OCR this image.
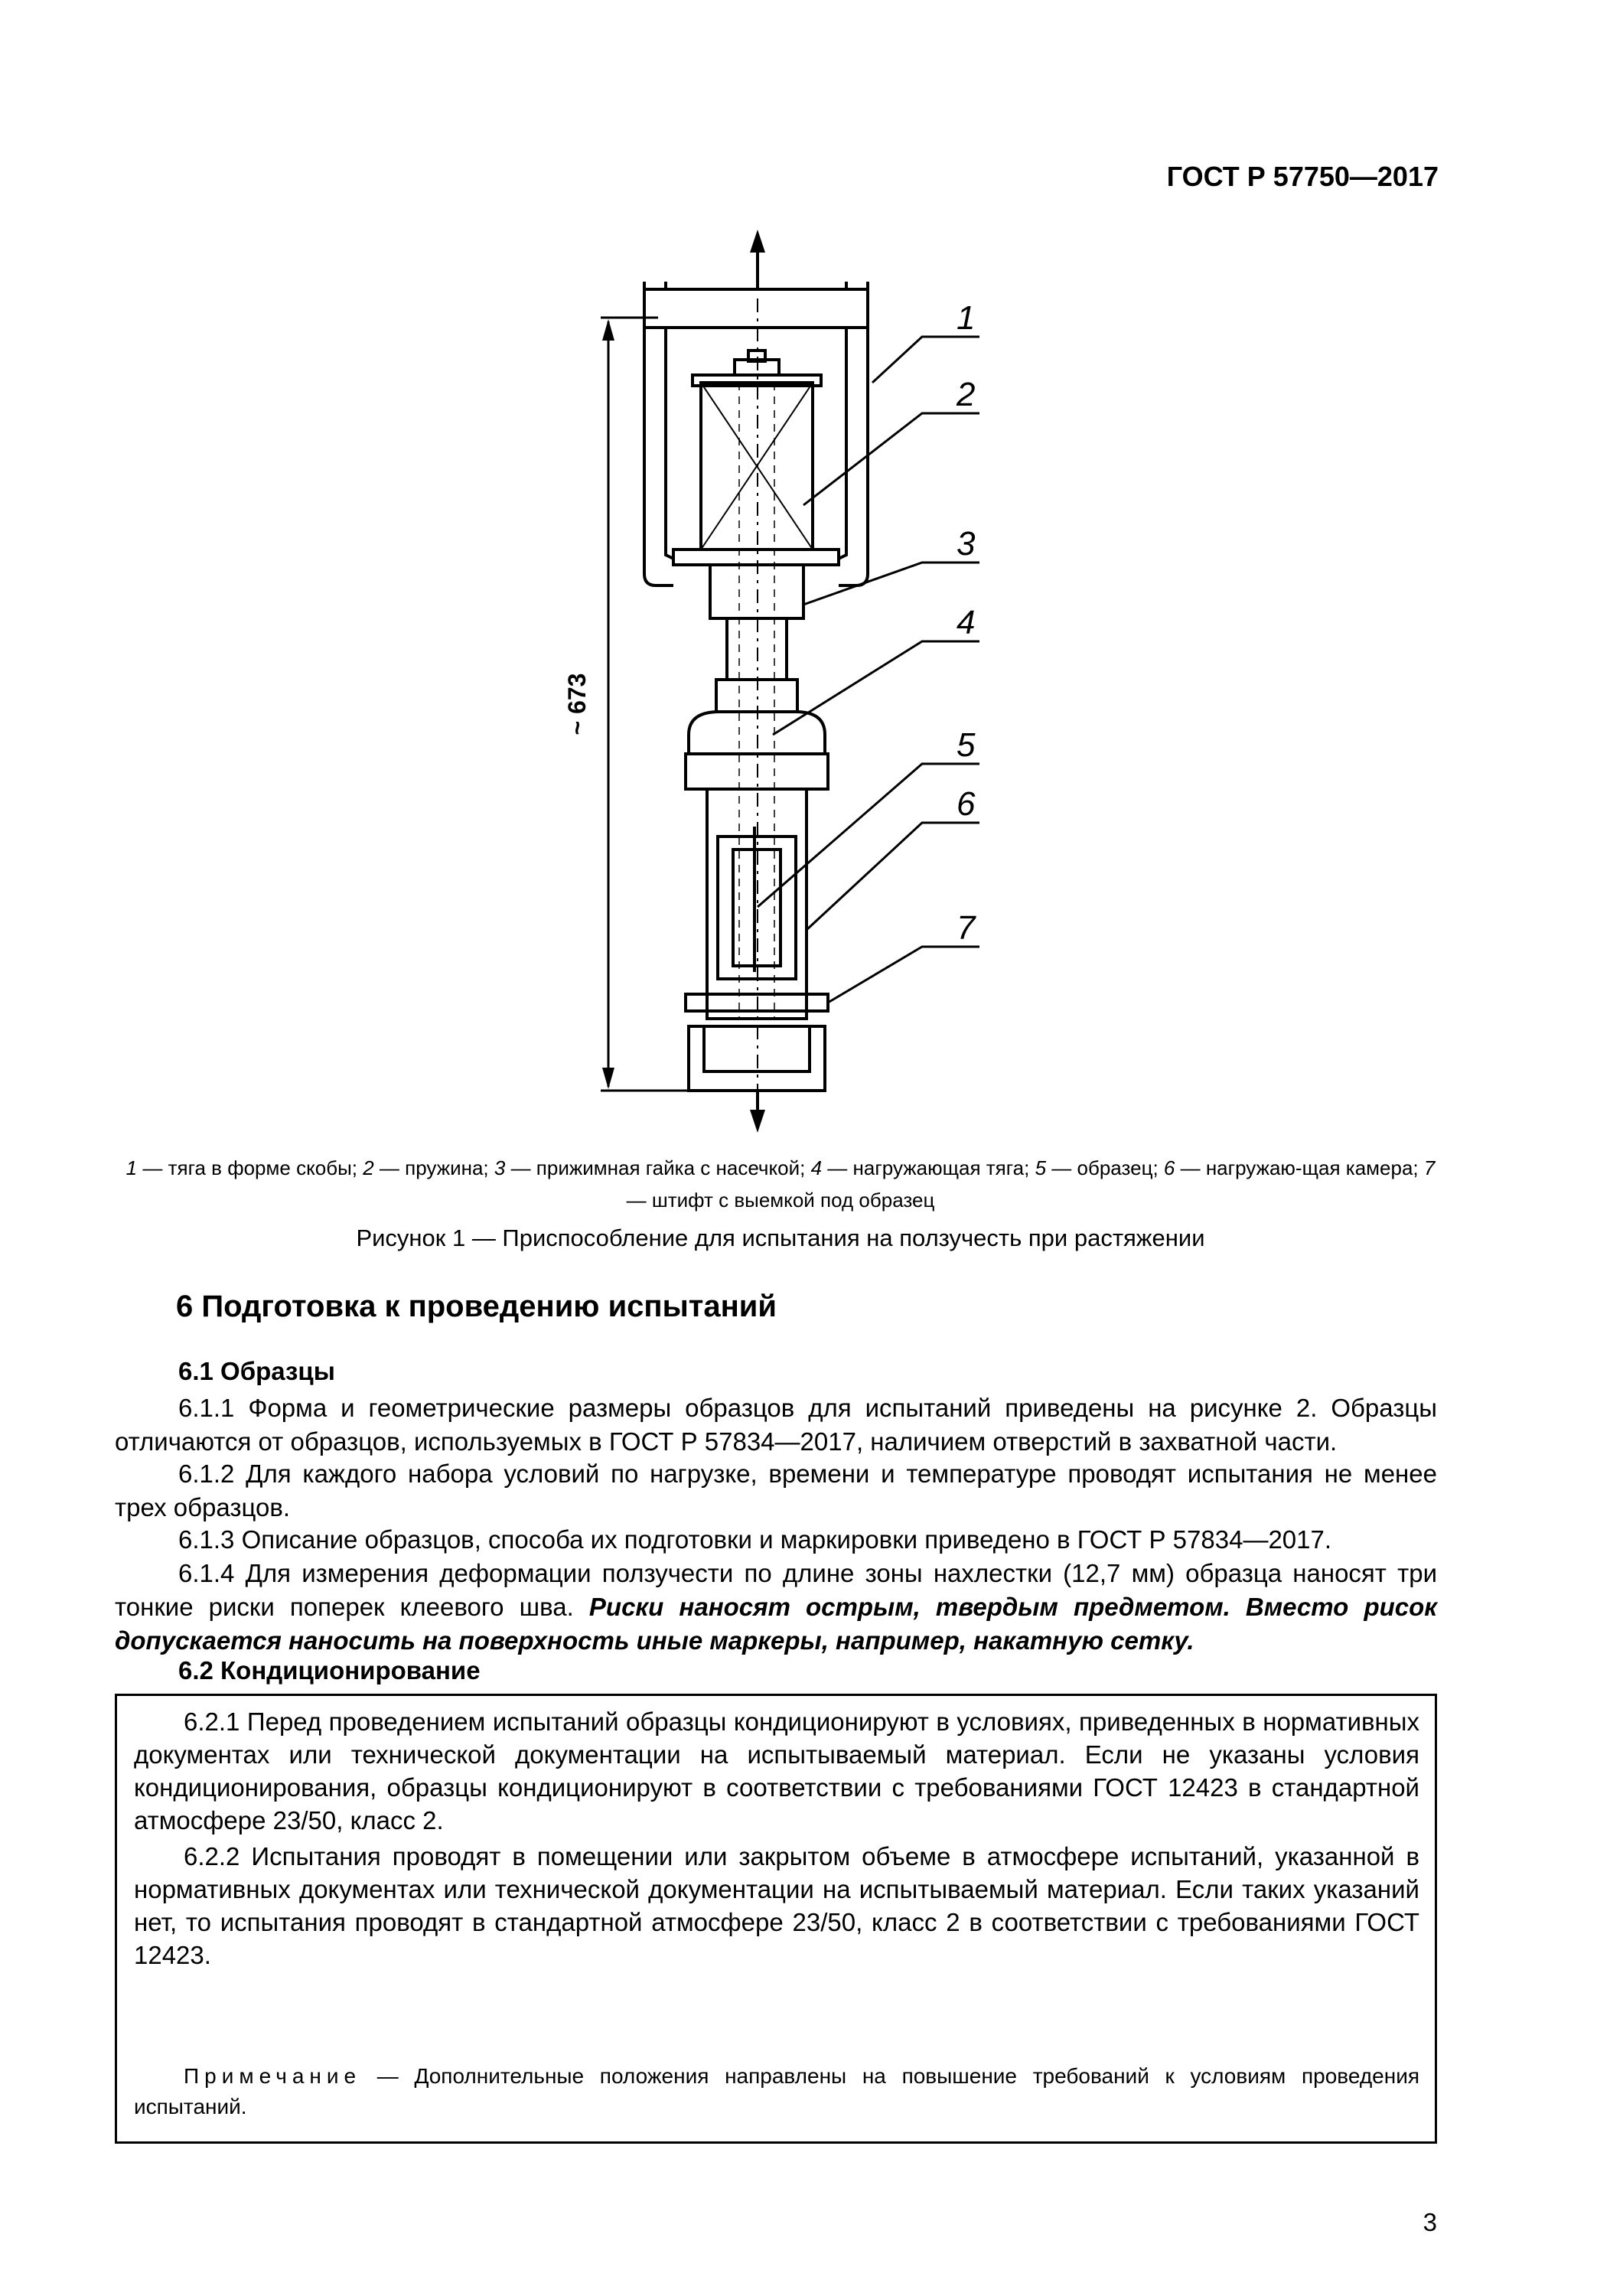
ГОСТ Р 57750—2017
~ 673
1
2
3
4
5
6
7
1 — тяга в форме скобы; 2 — пружина; 3 — прижимная гайка с насечкой; 4 — нагружающая тяга; 5 — образец; 6 — нагружаю-щая камера; 7 — штифт с выемкой под образец
Рисунок 1 — Приспособление для испытания на ползучесть при растяжении
6 Подготовка к проведению испытаний
6.1 Образцы

6.1.1 Форма и геометрические размеры образцов для испытаний приведены на рисунке 2. Образцы отличаются от образцов, используемых в ГОСТ Р 57834—2017, наличием отверстий в захватной части.

6.1.2 Для каждого набора условий по нагрузке, времени и температуре проводят испытания не менее трех образцов.

6.1.3 Описание образцов, способа их подготовки и маркировки приведено в ГОСТ Р 57834—2017.

6.1.4 Для измерения деформации ползучести по длине зоны нахлестки (12,7 мм) образца наносят три тонкие риски поперек клеевого шва. Риски наносят острым, твердым предметом. Вместо рисок допускается наносить на поверхность иные маркеры, например, накатную сетку.

6.2 Кондиционирование

6.2.1 Перед проведением испытаний образцы кондиционируют в условиях, приведенных в нормативных документах или технической документации на испытываемый материал. Если не указаны условия кондиционирования, образцы кондиционируют в соответствии с требованиями ГОСТ 12423 в стандартной атмосфере 23/50, класс 2.

6.2.2 Испытания проводят в помещении или закрытом объеме в атмосфере испытаний, указанной в нормативных документах или технической документации на испытываемый материал. Если таких указаний нет, то испытания проводят в стандартной атмосфере 23/50, класс 2 в соответствии с требованиями ГОСТ 12423.

Примечание — Дополнительные положения направлены на повышение требований к условиям проведения испытаний.

3
